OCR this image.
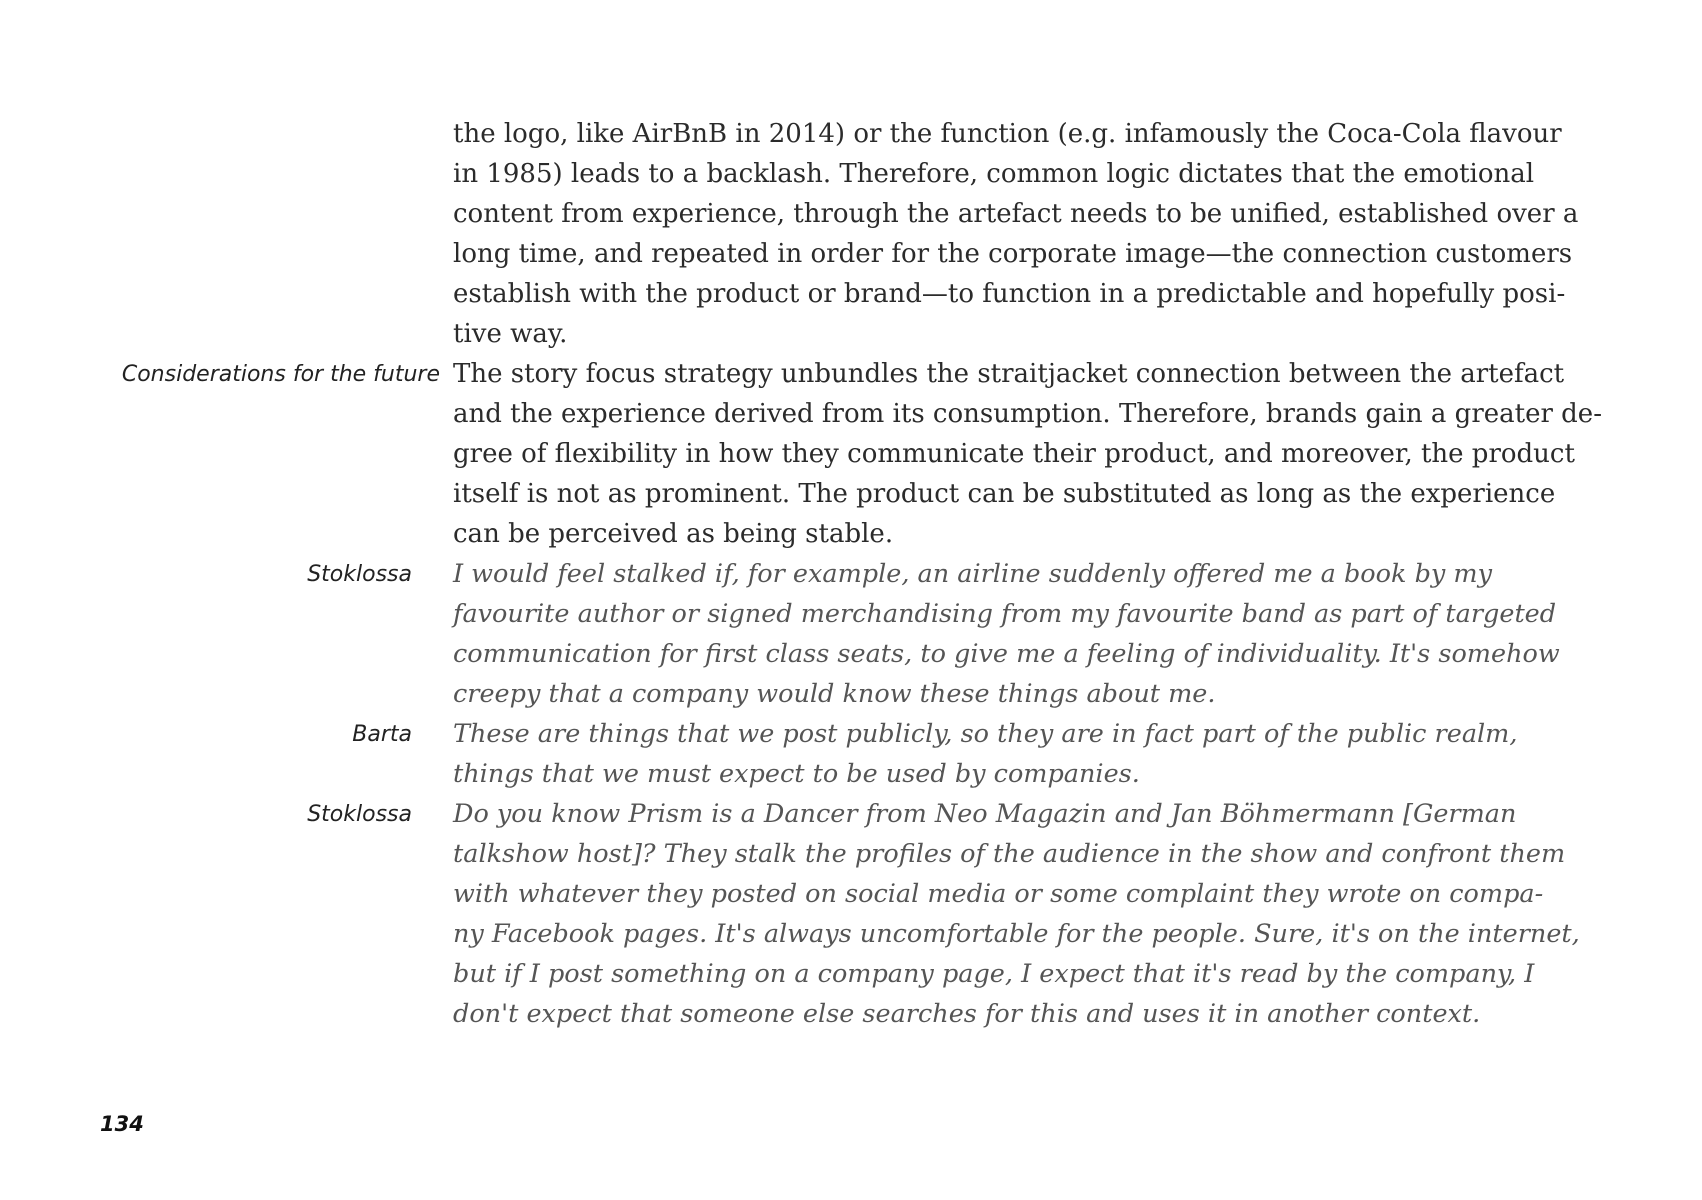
the logo, like AirBnB in 2014) or the function (e.g. infamously the Coca-Cola flavour
in 1985) leads to a backlash. Therefore, common logic dictates that the emotional
content from experience, through the artefact needs to be unified, established over a
long time, and repeated in order for the corporate image—the connection customers
establish with the product or brand—to function in a predictable and hopefully posi-
tive way.
Considerations for the future The story focus strategy unbundles the straitjacket connection between the artefact
and the experience derived from its consumption. Therefore, brands gain a greater de-
gree of flexibility in how they communicate their product, and moreover, the product
itself is not as prominent. The product can be substituted as long as the experience
can be perceived as being stable.
Stoklossa I would feel stalked if, for example, an airline suddenly offered me a book by my
favourite author or signed merchandising from my favourite band as part of targeted
communication for first class seats, to give me a feeling of individuality. It's somehow
creepy that a company would know these things about me.
Barta These are things that we post publicly, so they are in fact part of the public realm,
things that we must expect to be used by companies.
Stoklossa Do you know Prism is a Dancer from Neo Magazin and Jan Böhmermann [German
talkshow host]? They stalk the profiles of the audience in the show and confront them
with whatever they posted on social media or some complaint they wrote on compa-
ny Facebook pages. It's always uncomfortable for the people. Sure, it's on the internet,
but if I post something on a company page, I expect that it's read by the company, I
don't expect that someone else searches for this and uses it in another context.
134
